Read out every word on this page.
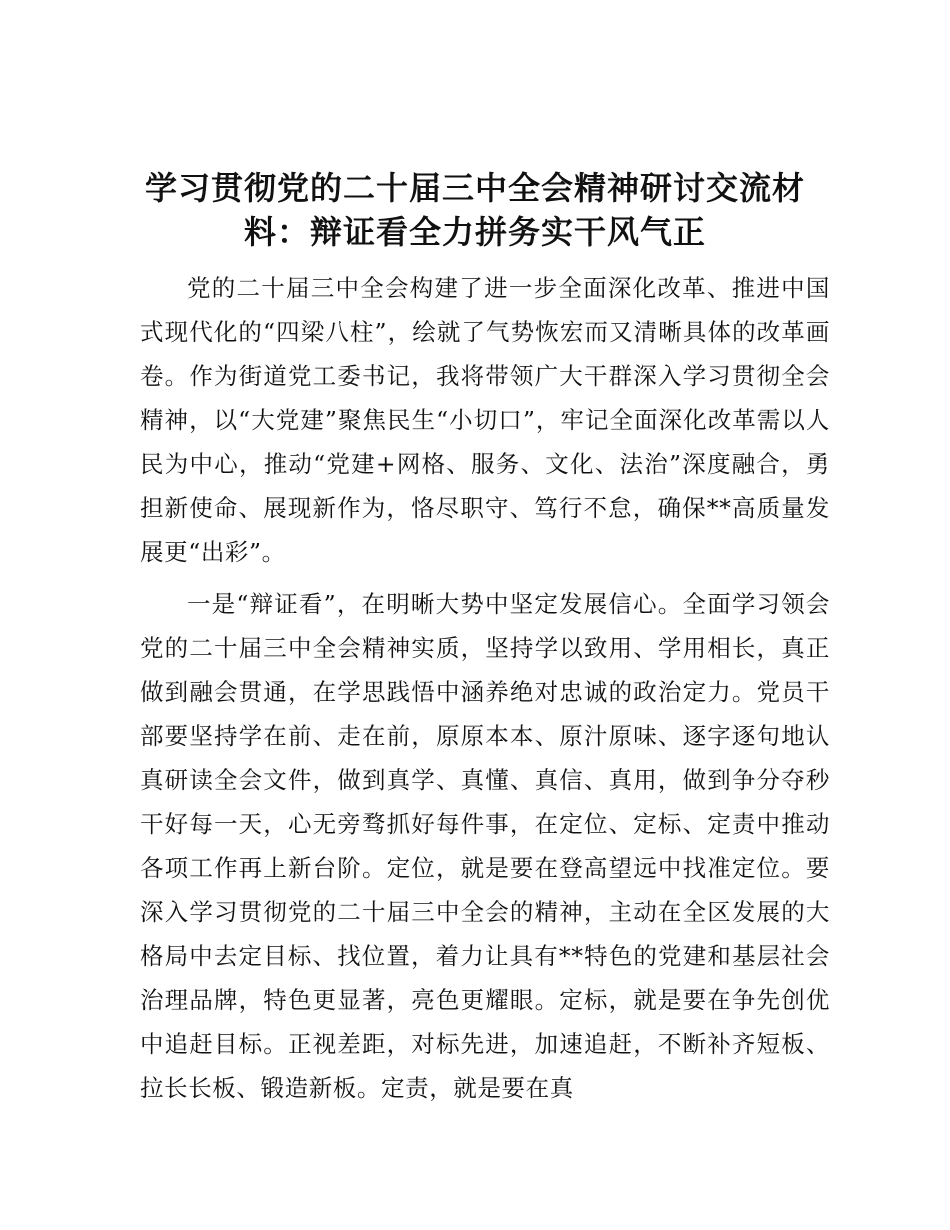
学习贯彻党的二十届三中全会精神研讨交流材料：辩证看全力拼务实干风气正

党的二十届三中全会构建了进一步全面深化改革、推进中国式现代化的“四梁八柱”，绘就了气势恢宏而又清晰具体的改革画卷。作为街道党工委书记，我将带领广大干群深入学习贯彻全会精神，以“大党建”聚焦民生“小切口”，牢记全面深化改革需以人民为中心，推动“党建+网格、服务、文化、法治”深度融合，勇担新使命、展现新作为，恪尽职守、笃行不怠，确保**高质量发展更“出彩”。

一是“辩证看”，在明晰大势中坚定发展信心。全面学习领会党的二十届三中全会精神实质，坚持学以致用、学用相长，真正做到融会贯通，在学思践悟中涵养绝对忠诚的政治定力。党员干部要坚持学在前、走在前，原原本本、原汁原味、逐字逐句地认真研读全会文件，做到真学、真懂、真信、真用，做到争分夺秒干好每一天，心无旁骛抓好每件事，在定位、定标、定责中推动各项工作再上新台阶。定位，就是要在登高望远中找准定位。要深入学习贯彻党的二十届三中全会的精神，主动在全区发展的大格局中去定目标、找位置，着力让具有**特色的党建和基层社会治理品牌，特色更显著，亮色更耀眼。定标，就是要在争先创优中追赶目标。正视差距，对标先进，加速追赶，不断补齐短板、拉长长板、锻造新板。定责，就是要在真
